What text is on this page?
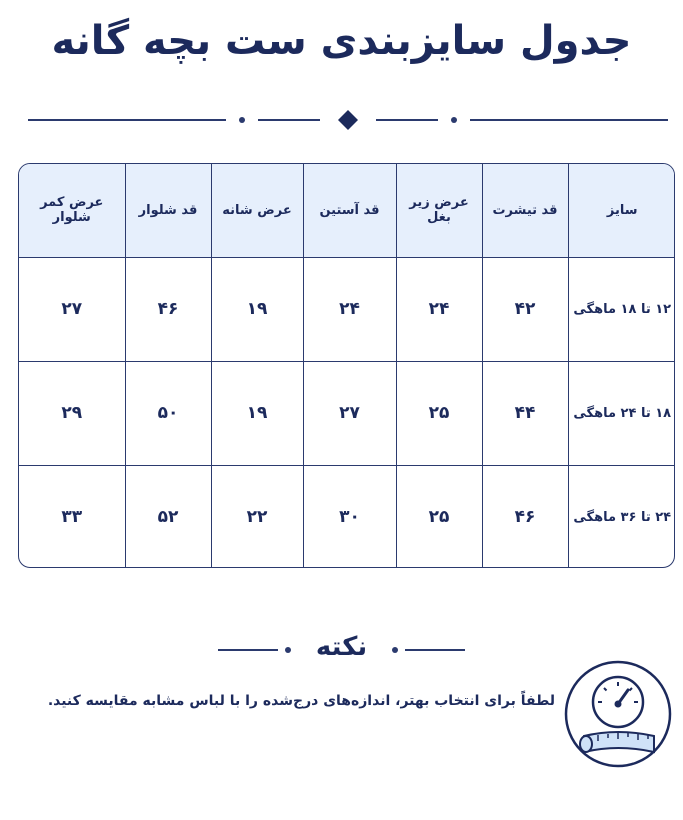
جدول سایزبندی ست بچه گانه
سایز	قد تیشرت	عرض زیر بغل	قد آستین	عرض شانه	قد شلوار	عرض کمر شلوار
۱۲ تا ۱۸ ماهگی	۴۲	۲۴	۲۴	۱۹	۴۶	۲۷
۱۸ تا ۲۴ ماهگی	۴۴	۲۵	۲۷	۱۹	۵۰	۲۹
۲۴ تا ۳۶ ماهگی	۴۶	۲۵	۳۰	۲۲	۵۲	۳۳
نکته
لطفاً برای انتخاب بهتر، اندازه‌های درج‌شده را با لباس مشابه مقایسه کنید.
